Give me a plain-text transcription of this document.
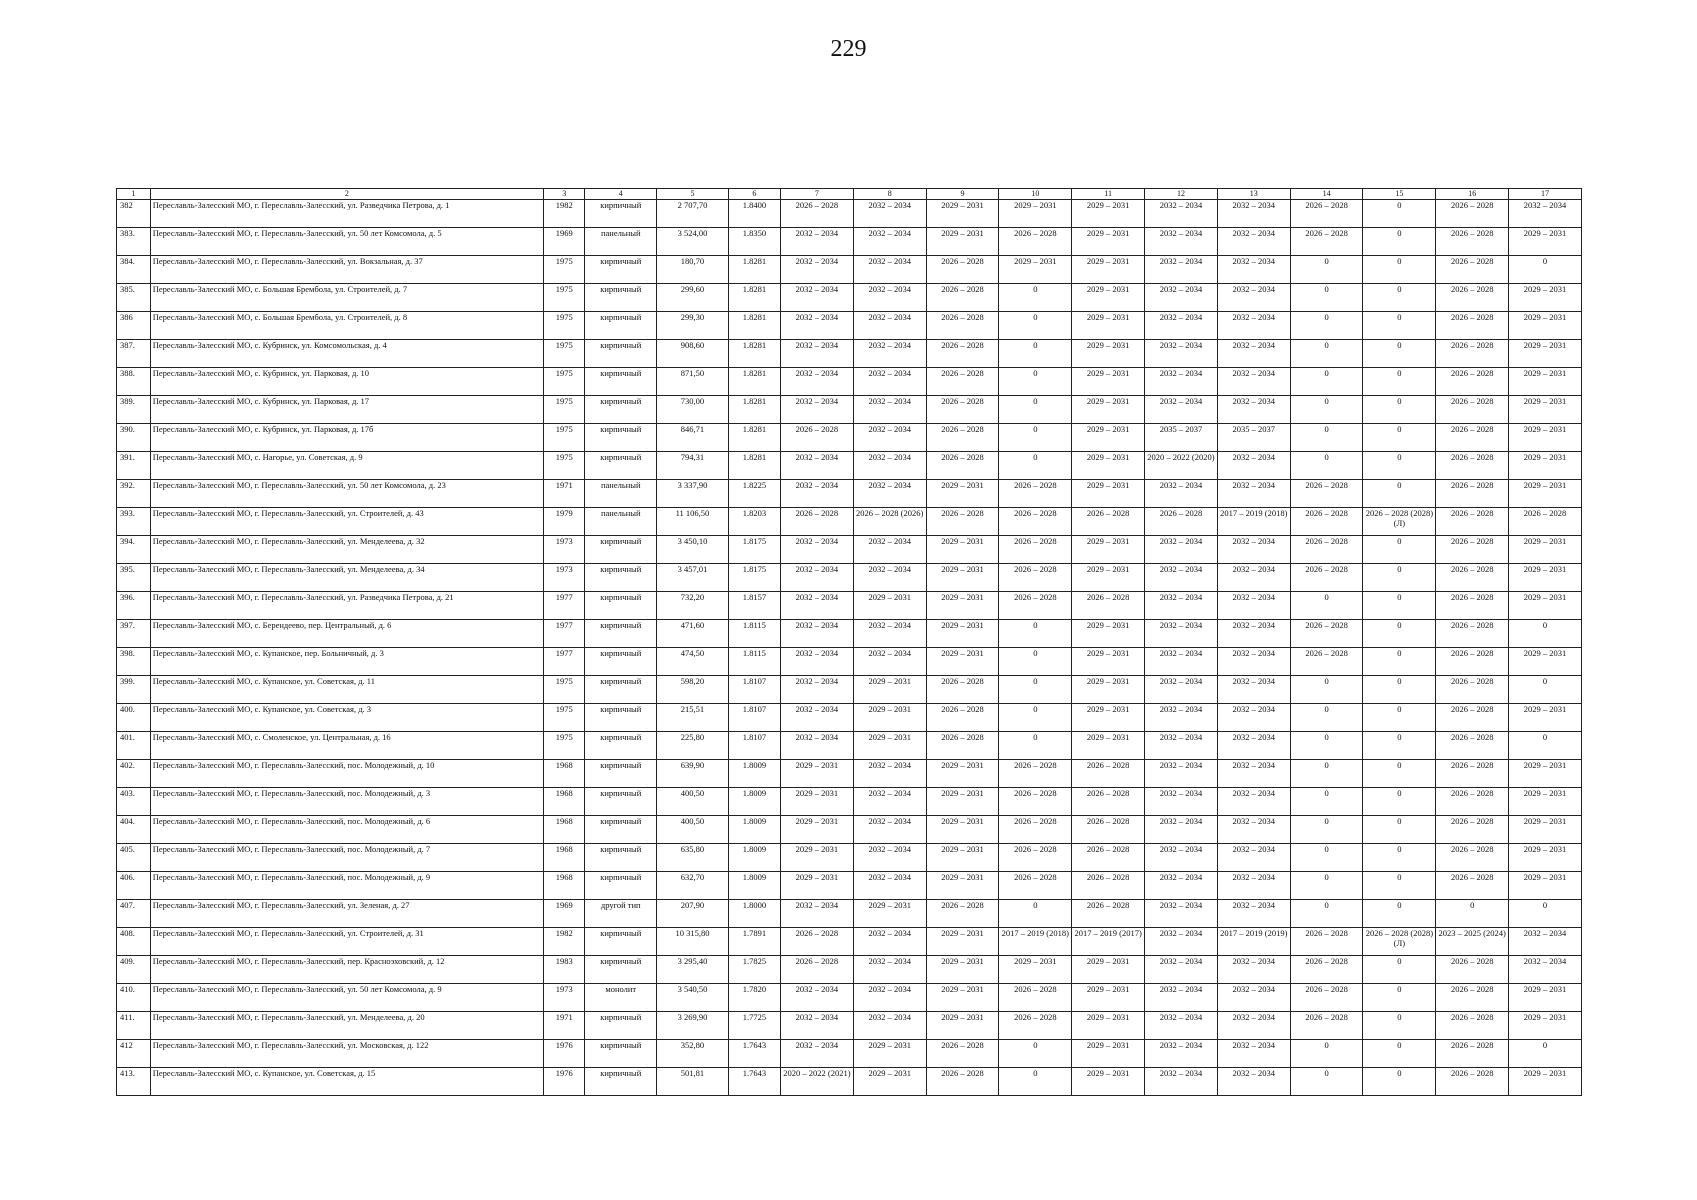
229
1	2	3	4	5	6	7	8	9	10	11	12	13	14	15	16	17
382	Переславль-Залесский МО, г. Переславль-Залесский, ул. Разведчика Петрова, д. 1	1982	кирпичный	2 707,70	1.8400	2026 – 2028	2032 – 2034	2029 – 2031	2029 – 2031	2029 – 2031	2032 – 2034	2032 – 2034	2026 – 2028	0	2026 – 2028	2032 – 2034
383.	Переславль-Залесский МО, г. Переславль-Залесский, ул. 50 лет Комсомола, д. 5	1969	панельный	3 524,00	1.8350	2032 – 2034	2032 – 2034	2029 – 2031	2026 – 2028	2029 – 2031	2032 – 2034	2032 – 2034	2026 – 2028	0	2026 – 2028	2029 – 2031
384.	Переславль-Залесский МО, г. Переславль-Залесский, ул. Вокзальная, д. 37	1975	кирпичный	180,70	1.8281	2032 – 2034	2032 – 2034	2026 – 2028	2029 – 2031	2029 – 2031	2032 – 2034	2032 – 2034	0	0	2026 – 2028	0
385.	Переславль-Залесский МО, с. Большая Брембола, ул. Строителей, д. 7	1975	кирпичный	299,60	1.8281	2032 – 2034	2032 – 2034	2026 – 2028	0	2029 – 2031	2032 – 2034	2032 – 2034	0	0	2026 – 2028	2029 – 2031
386	Переславль-Залесский МО, с. Большая Брембола, ул. Строителей, д. 8	1975	кирпичный	299,30	1.8281	2032 – 2034	2032 – 2034	2026 – 2028	0	2029 – 2031	2032 – 2034	2032 – 2034	0	0	2026 – 2028	2029 – 2031
387.	Переславль-Залесский МО, с. Кубринск, ул. Комсомольская, д. 4	1975	кирпичный	908,60	1.8281	2032 – 2034	2032 – 2034	2026 – 2028	0	2029 – 2031	2032 – 2034	2032 – 2034	0	0	2026 – 2028	2029 – 2031
388.	Переславль-Залесский МО, с. Кубринск, ул. Парковая, д. 10	1975	кирпичный	871,50	1.8281	2032 – 2034	2032 – 2034	2026 – 2028	0	2029 – 2031	2032 – 2034	2032 – 2034	0	0	2026 – 2028	2029 – 2031
389.	Переславль-Залесский МО, с. Кубринск, ул. Парковая, д. 17	1975	кирпичный	730,00	1.8281	2032 – 2034	2032 – 2034	2026 – 2028	0	2029 – 2031	2032 – 2034	2032 – 2034	0	0	2026 – 2028	2029 – 2031
390.	Переславль-Залесский МО, с. Кубринск, ул. Парковая, д. 17б	1975	кирпичный	846,71	1.8281	2026 – 2028	2032 – 2034	2026 – 2028	0	2029 – 2031	2035 – 2037	2035 – 2037	0	0	2026 – 2028	2029 – 2031
391.	Переславль-Залесский МО, с. Нагорье, ул. Советская, д. 9	1975	кирпичный	794,31	1.8281	2032 – 2034	2032 – 2034	2026 – 2028	0	2029 – 2031	2020 – 2022 (2020)	2032 – 2034	0	0	2026 – 2028	2029 – 2031
392.	Переславль-Залесский МО, г. Переславль-Залесский, ул. 50 лет Комсомола, д. 23	1971	панельный	3 337,90	1.8225	2032 – 2034	2032 – 2034	2029 – 2031	2026 – 2028	2029 – 2031	2032 – 2034	2032 – 2034	2026 – 2028	0	2026 – 2028	2029 – 2031
393.	Переславль-Залесский МО, г. Переславль-Залесский, ул. Строителей, д. 43	1979	панельный	11 106,50	1.8203	2026 – 2028	2026 – 2028 (2026)	2026 – 2028	2026 – 2028	2026 – 2028	2026 – 2028	2017 – 2019 (2018)	2026 – 2028	2026 – 2028 (2028) (Л)	2026 – 2028	2026 – 2028
394.	Переславль-Залесский МО, г. Переславль-Залесский, ул. Менделеева, д. 32	1973	кирпичный	3 450,10	1.8175	2032 – 2034	2032 – 2034	2029 – 2031	2026 – 2028	2029 – 2031	2032 – 2034	2032 – 2034	2026 – 2028	0	2026 – 2028	2029 – 2031
395.	Переславль-Залесский МО, г. Переславль-Залесский, ул. Менделеева, д. 34	1973	кирпичный	3 457,01	1.8175	2032 – 2034	2032 – 2034	2029 – 2031	2026 – 2028	2029 – 2031	2032 – 2034	2032 – 2034	2026 – 2028	0	2026 – 2028	2029 – 2031
396.	Переславль-Залесский МО, г. Переславль-Залесский, ул. Разведчика Петрова, д. 21	1977	кирпичный	732,20	1.8157	2032 – 2034	2029 – 2031	2029 – 2031	2026 – 2028	2026 – 2028	2032 – 2034	2032 – 2034	0	0	2026 – 2028	2029 – 2031
397.	Переславль-Залесский МО, с. Берендеево, пер. Центральный, д. 6	1977	кирпичный	471,60	1.8115	2032 – 2034	2032 – 2034	2029 – 2031	0	2029 – 2031	2032 – 2034	2032 – 2034	2026 – 2028	0	2026 – 2028	0
398.	Переславль-Залесский МО, с. Купанское, пер. Больничный, д. 3	1977	кирпичный	474,50	1.8115	2032 – 2034	2032 – 2034	2029 – 2031	0	2029 – 2031	2032 – 2034	2032 – 2034	2026 – 2028	0	2026 – 2028	2029 – 2031
399.	Переславль-Залесский МО, с. Купанское, ул. Советская, д. 11	1975	кирпичный	598,20	1.8107	2032 – 2034	2029 – 2031	2026 – 2028	0	2029 – 2031	2032 – 2034	2032 – 2034	0	0	2026 – 2028	0
400.	Переславль-Залесский МО, с. Купанское, ул. Советская, д. 3	1975	кирпичный	215,51	1.8107	2032 – 2034	2029 – 2031	2026 – 2028	0	2029 – 2031	2032 – 2034	2032 – 2034	0	0	2026 – 2028	2029 – 2031
401.	Переславль-Залесский МО, с. Смоленское, ул. Центральная, д. 16	1975	кирпичный	225,80	1.8107	2032 – 2034	2029 – 2031	2026 – 2028	0	2029 – 2031	2032 – 2034	2032 – 2034	0	0	2026 – 2028	0
402.	Переславль-Залесский МО, г. Переславль-Залесский, пос. Молодежный, д. 10	1968	кирпичный	639,90	1.8009	2029 – 2031	2032 – 2034	2029 – 2031	2026 – 2028	2026 – 2028	2032 – 2034	2032 – 2034	0	0	2026 – 2028	2029 – 2031
403.	Переславль-Залесский МО, г. Переславль-Залесский, пос. Молодежный, д. 3	1968	кирпичный	400,50	1.8009	2029 – 2031	2032 – 2034	2029 – 2031	2026 – 2028	2026 – 2028	2032 – 2034	2032 – 2034	0	0	2026 – 2028	2029 – 2031
404.	Переславль-Залесский МО, г. Переславль-Залесский, пос. Молодежный, д. 6	1968	кирпичный	400,50	1.8009	2029 – 2031	2032 – 2034	2029 – 2031	2026 – 2028	2026 – 2028	2032 – 2034	2032 – 2034	0	0	2026 – 2028	2029 – 2031
405.	Переславль-Залесский МО, г. Переславль-Залесский, пос. Молодежный, д. 7	1968	кирпичный	635,80	1.8009	2029 – 2031	2032 – 2034	2029 – 2031	2026 – 2028	2026 – 2028	2032 – 2034	2032 – 2034	0	0	2026 – 2028	2029 – 2031
406.	Переславль-Залесский МО, г. Переславль-Залесский, пос. Молодежный, д. 9	1968	кирпичный	632,70	1.8009	2029 – 2031	2032 – 2034	2029 – 2031	2026 – 2028	2026 – 2028	2032 – 2034	2032 – 2034	0	0	2026 – 2028	2029 – 2031
407.	Переславль-Залесский МО, г. Переславль-Залесский, ул. Зеленая, д. 27	1969	другой тип	207,90	1.8000	2032 – 2034	2029 – 2031	2026 – 2028	0	2026 – 2028	2032 – 2034	2032 – 2034	0	0	0	0
408.	Переславль-Залесский МО, г. Переславль-Залесский, ул. Строителей, д. 31	1982	кирпичный	10 315,80	1.7891	2026 – 2028	2032 – 2034	2029 – 2031	2017 – 2019 (2018)	2017 – 2019 (2017)	2032 – 2034	2017 – 2019 (2019)	2026 – 2028	2026 – 2028 (2028) (Л)	2023 – 2025 (2024)	2032 – 2034
409.	Переславль-Залесский МО, г. Переславль-Залесский, пер. Красноэховский, д. 12	1983	кирпичный	3 295,40	1.7825	2026 – 2028	2032 – 2034	2029 – 2031	2029 – 2031	2029 – 2031	2032 – 2034	2032 – 2034	2026 – 2028	0	2026 – 2028	2032 – 2034
410.	Переславль-Залесский МО, г. Переславль-Залесский, ул. 50 лет Комсомола, д. 9	1973	монолит	3 540,50	1.7820	2032 – 2034	2032 – 2034	2029 – 2031	2026 – 2028	2029 – 2031	2032 – 2034	2032 – 2034	2026 – 2028	0	2026 – 2028	2029 – 2031
411.	Переславль-Залесский МО, г. Переславль-Залесский, ул. Менделеева, д. 20	1971	кирпичный	3 269,90	1.7725	2032 – 2034	2032 – 2034	2029 – 2031	2026 – 2028	2029 – 2031	2032 – 2034	2032 – 2034	2026 – 2028	0	2026 – 2028	2029 – 2031
412	Переславль-Залесский МО, г. Переславль-Залесский, ул. Московская, д. 122	1976	кирпичный	352,80	1.7643	2032 – 2034	2029 – 2031	2026 – 2028	0	2029 – 2031	2032 – 2034	2032 – 2034	0	0	2026 – 2028	0
413.	Переславль-Залесский МО, с. Купанское, ул. Советская, д. 15	1976	кирпичный	501,81	1.7643	2020 – 2022 (2021)	2029 – 2031	2026 – 2028	0	2029 – 2031	2032 – 2034	2032 – 2034	0	0	2026 – 2028	2029 – 2031
